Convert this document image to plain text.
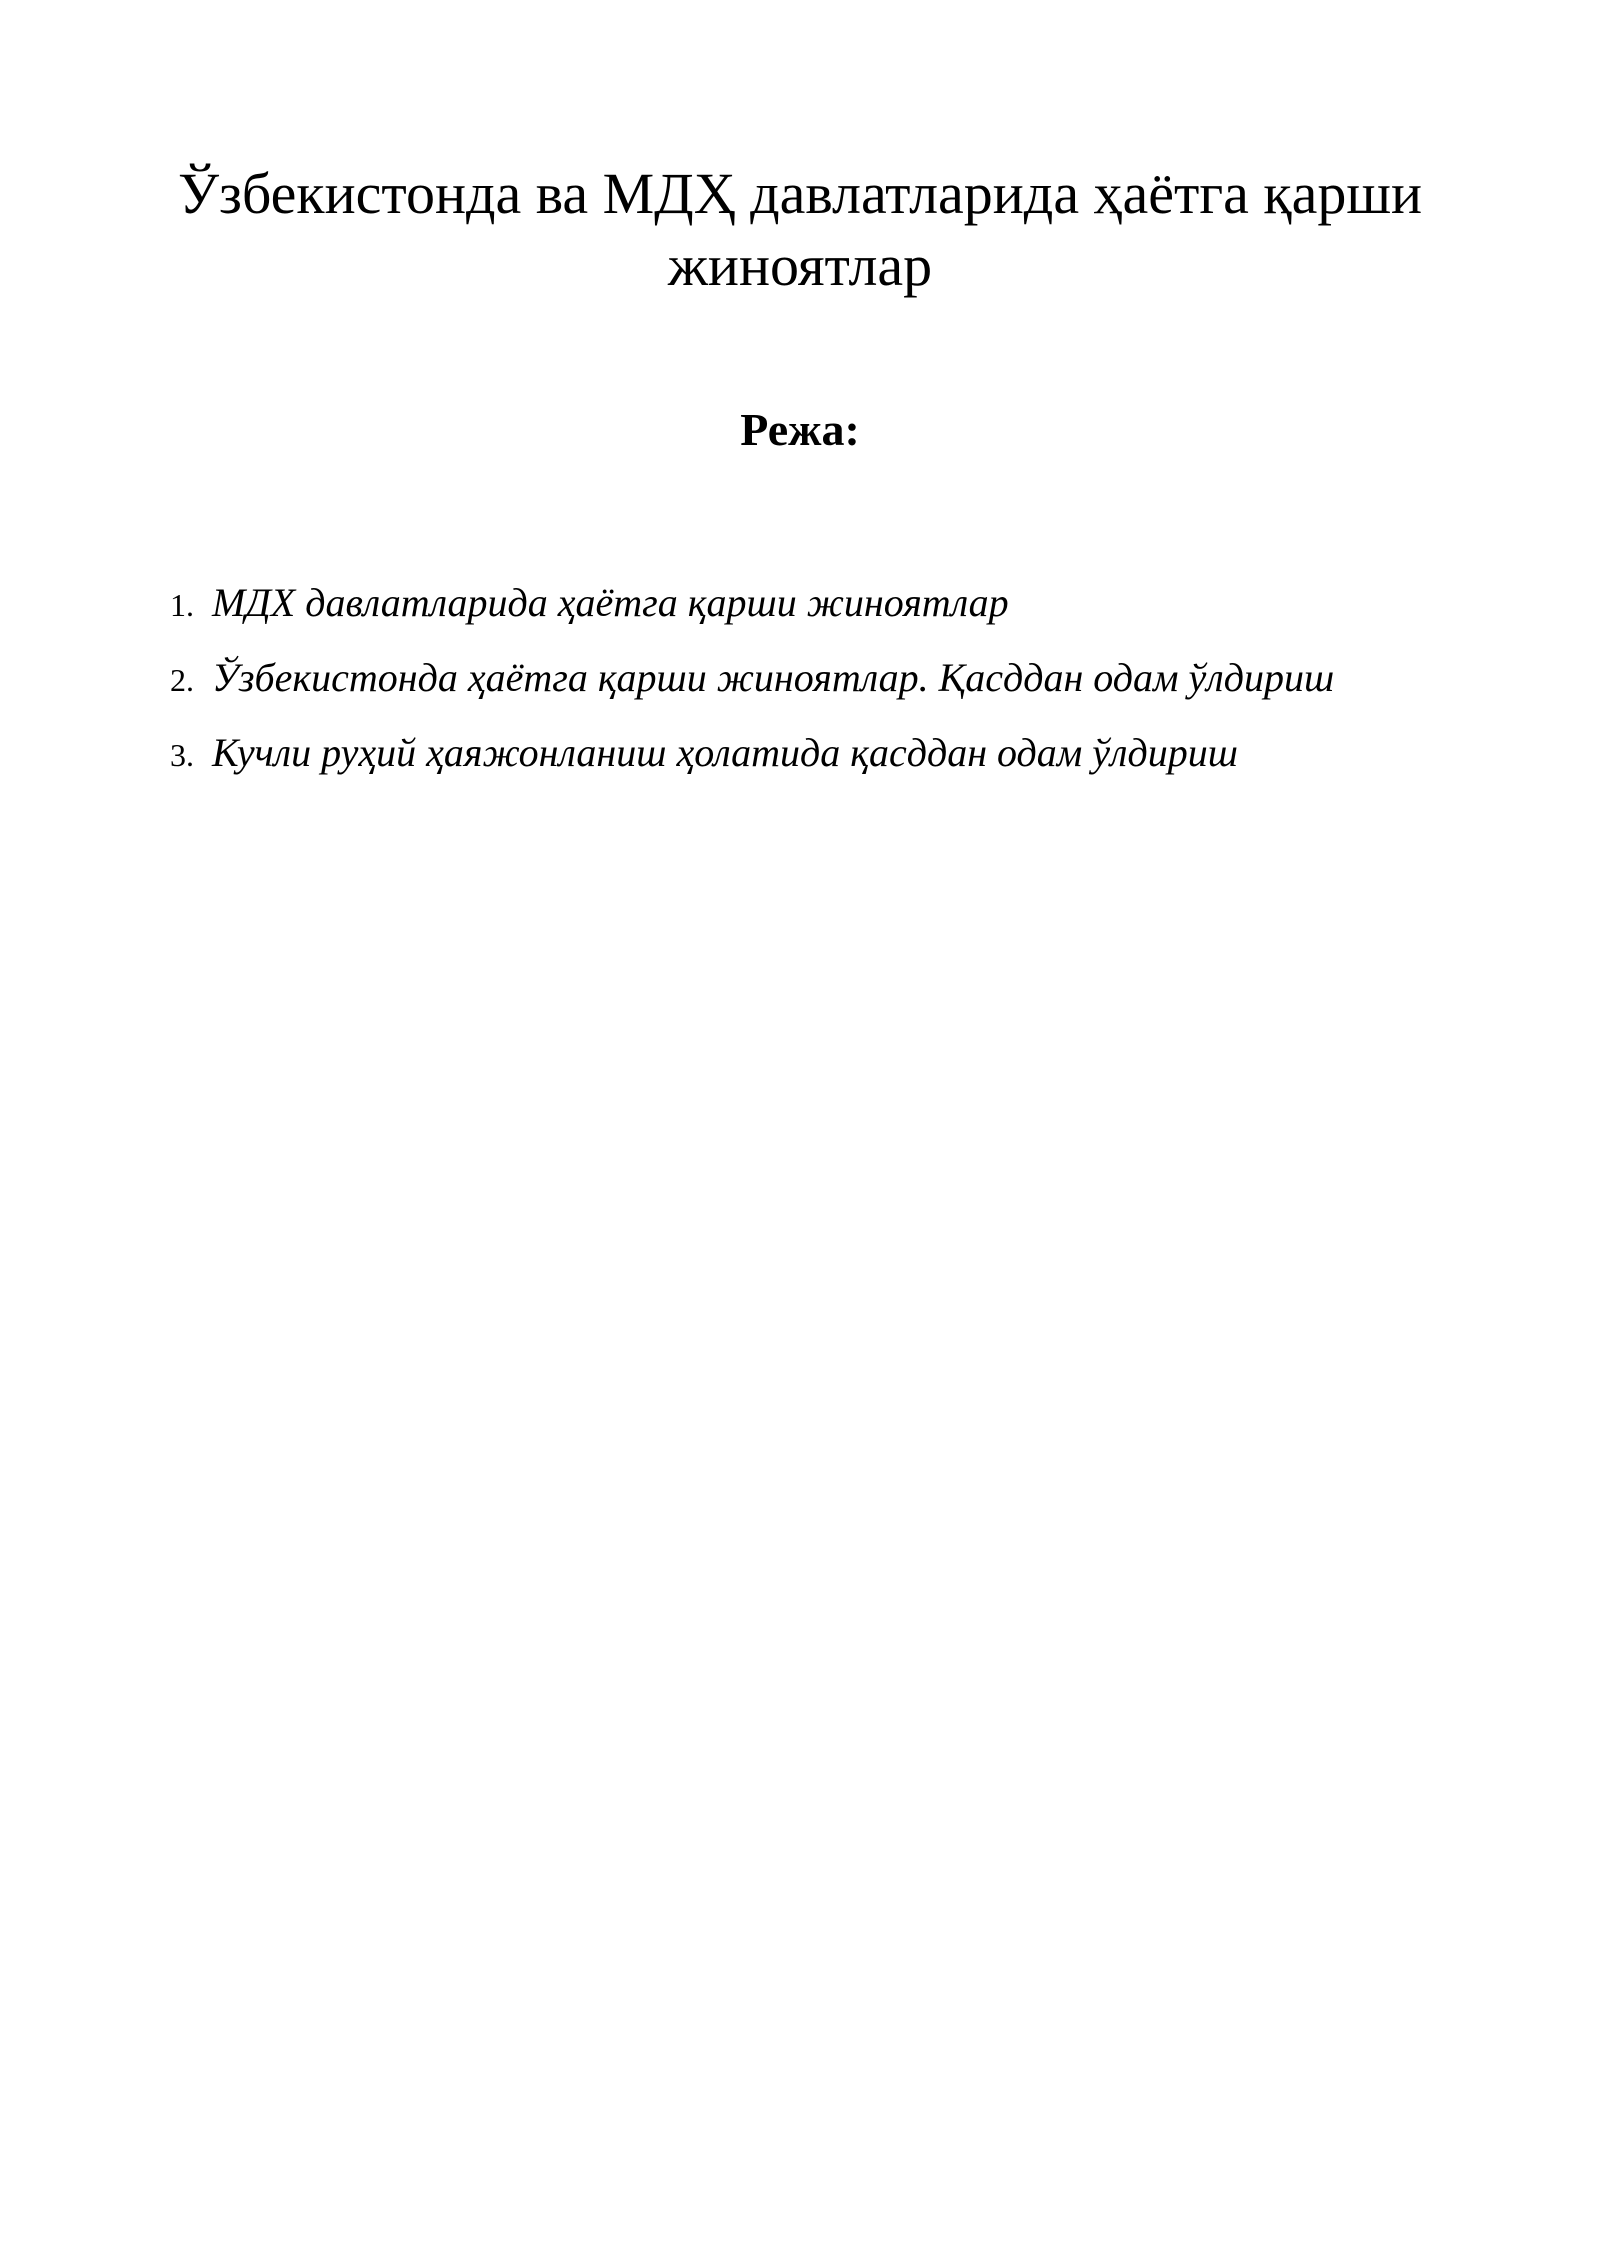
Ўзбекистонда ва МДҲ давлатларида ҳаётга қарши жиноятлар
Режа:
1. МДХ давлатларида ҳаётга қарши жиноятлар
2. Ўзбекистонда ҳаётга қарши жиноятлар. Қасддан одам ўлдириш
3. Кучли руҳий ҳаяжонланиш ҳолатида қасддан одам ўлдириш
